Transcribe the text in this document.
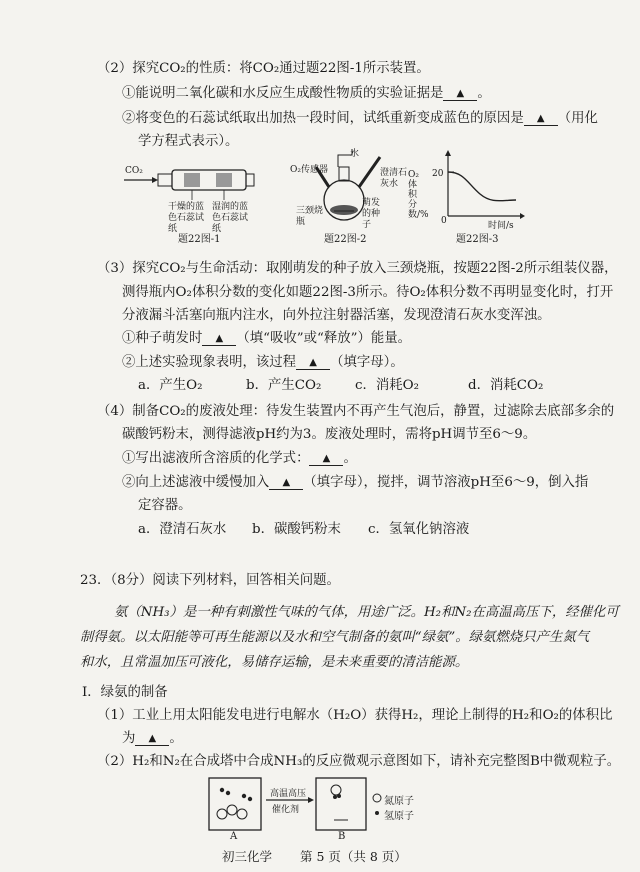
（2）探究CO₂的性质：将CO₂通过题22图-1所示装置。
①能说明二氧化碳和水反应生成酸性物质的实验证据是 ▲ 。
②将变色的石蕊试纸取出加热一段时间，试纸重新变成蓝色的原因是 ▲ （用化
学方程式表示）。
CO₂
干燥的蓝色石蕊试纸
湿润的蓝色石蕊试纸
题22图-1
O₂传感器
水
澄清石灰水
三颈烧瓶
萌发的种子
题22图-2
20
0
O₂体积分数/%
时间/s
题22图-3
（3）探究CO₂与生命活动：取刚萌发的种子放入三颈烧瓶，按题22图-2所示组装仪器，
测得瓶内O₂体积分数的变化如题22图-3所示。待O₂体积分数不再明显变化时，打开
分液漏斗活塞向瓶内注水，向外拉注射器活塞，发现澄清石灰水变浑浊。
①种子萌发时 ▲ （填“吸收”或“释放”）能量。
②上述实验现象表明，该过程 ▲ （填字母）。
a．产生O₂	b．产生CO₂	c．消耗O₂	d．消耗CO₂
（4）制备CO₂的废液处理：待发生装置内不再产生气泡后，静置，过滤除去底部多余的
碳酸钙粉末，测得滤液pH约为3。废液处理时，需将pH调节至6～9。
①写出滤液所含溶质的化学式： ▲ 。
②向上述滤液中缓慢加入 ▲ （填字母），搅拌，调节溶液pH至6～9，倒入指
定容器。
a．澄清石灰水 b．碳酸钙粉末 c．氢氧化钠溶液
23．（8分）阅读下列材料，回答相关问题。
氨（NH₃）是一种有刺激性气味的气体，用途广泛。H₂和N₂在高温高压下，经催化可
制得氨。以太阳能等可再生能源以及水和空气制备的氨叫“绿氨”。绿氨燃烧只产生氮气
和水，且常温加压可液化，易储存运输，是未来重要的清洁能源。
I．绿氨的制备
（1）工业上用太阳能发电进行电解水（H₂O）获得H₂，理论上制得的H₂和O₂的体积比
为 ▲ 。
（2）H₂和N₂在合成塔中合成NH₃的反应微观示意图如下，请补充完整图B中微观粒子。
高温高压
催化剂
A	B
氮原子
氢原子
初三化学 第 5 页（共 8 页）
